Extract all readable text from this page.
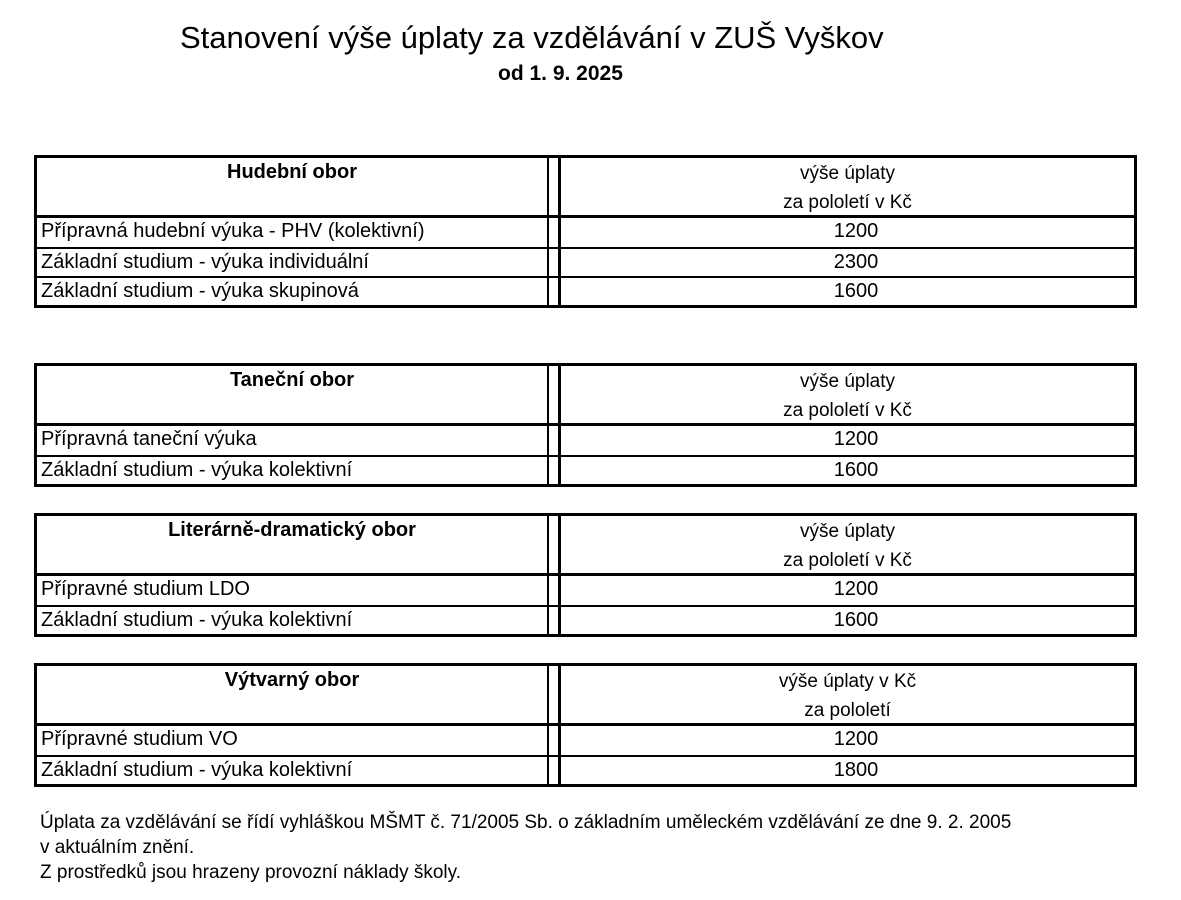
Stanovení výše úplaty za vzdělávání v ZUŠ Vyškov
od 1. 9. 2025
Hudební obor	výše úplaty
za pololetí v Kč
Přípravná hudební výuka - PHV (kolektivní)	1200
Základní studium - výuka individuální	2300
Základní studium - výuka skupinová	1600
Taneční obor	výše úplaty
za pololetí v Kč
Přípravná taneční výuka	1200
Základní studium - výuka kolektivní	1600
Literárně-dramatický obor	výše úplaty
za pololetí v Kč
Přípravné studium LDO	1200
Základní studium - výuka kolektivní	1600
Výtvarný obor	výše úplaty v Kč
za pololetí
Přípravné studium VO	1200
Základní studium - výuka kolektivní	1800
Úplata za vzdělávání se řídí vyhláškou MŠMT č. 71/2005 Sb. o základním uměleckém vzdělávání ze dne 9. 2. 2005
v aktuálním znění.
Z prostředků jsou hrazeny provozní náklady školy.
